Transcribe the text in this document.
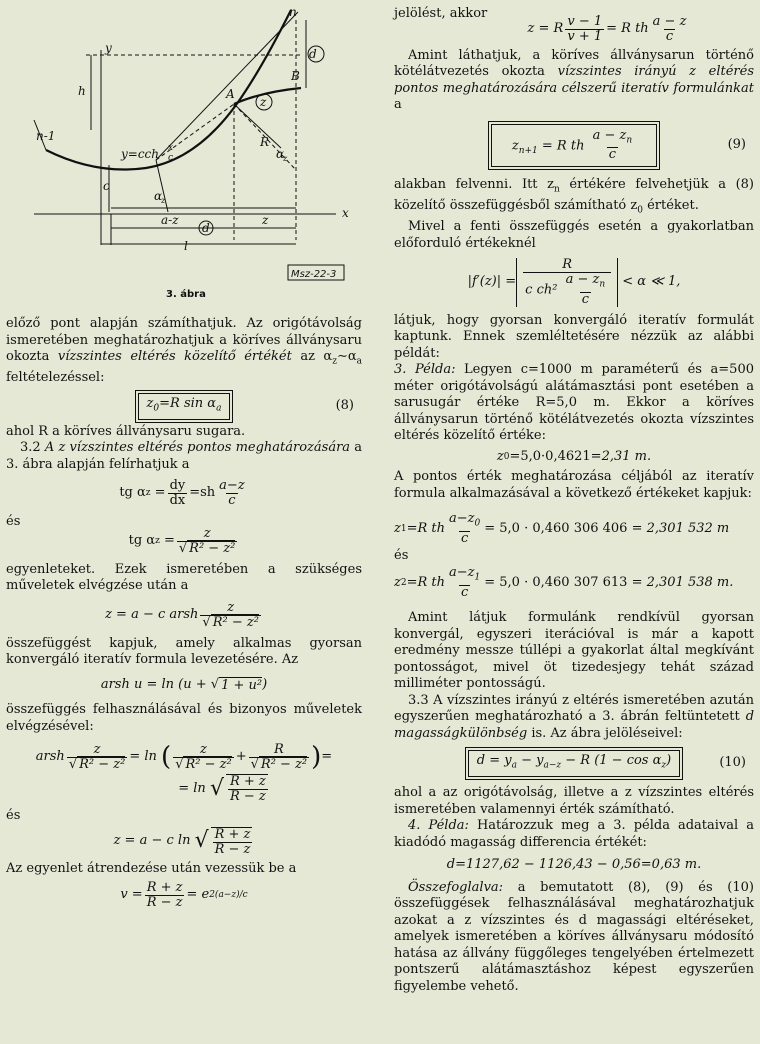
n
y
h
d
B
A
z
n-1
y=cch x
c
c
R
α
z
α
z
x
a-z	z
d
l
Msz-22-3
3. ábra

előző pont alapján számíthatjuk. Az origótávolság ismeretében meghatározhatjuk a köríves állványsaru okozta vízszintes eltérés közelítő értékét az $\alpha_z\sim\alpha_a$ feltételezéssel:

$z_0=R$ $\sin \alpha_a$	(8)

ahol R a köríves állványsaru sugara.

3.2 A z vízszintes eltérés pontos meghatározására a 3. ábra alapján felírhatjuk a

tg α $z = \frac{dy}{dx} =sh \frac{a-z}{c}$

és

tg α $z = \frac{z}{\text{√ R² − z²}}$

egyenleteket. Ezek ismeretében a szükséges műveletek elvégzése után a

z = a − c arsh $\frac{z}{\text{√ R² − z²}}$

összefüggést kapjuk, amely alkalmas gyorsan konvergáló iteratív formula levezetésére. Az

arsh u = ln (u + √ 1 + u² )

összefüggés felhasználásával és bizonyos műveletek elvégzésével:

arsh $\frac{z}{\text{√ R² − z²}} = \ln$
( $\frac{z}{\text{√ R² − z²}} + \frac{R}{\text{√ R² − z²}}$ ) =
= ln
√ $\frac{R + z}{R - z}$

és

z = a − c ln
√ $\frac{R + z}{R - z}$

Az egyenlet átrendezése után vezessük be a

$v = \frac{R + z}{R - z} = e$ 2(a−z)/c

jelölést, akkor

z = R $\frac{v - 1}{v + 1} = R$ th $\frac{a - z}{c}$

Amint láthatjuk, a köríves állványsarun történő kötélátvezetés okozta vízszintes irányú z eltérés pontos meghatározására célszerű iteratív formulánkat a

$z_{n+1} = R$ th $\frac{a - z_n}{c}$	(9)

alakban felvenni. Itt $z_n$ értékére felvehetjük a (8) közelítő összefüggésből számítható $z_0$ értéket.

Mivel a fenti összefüggés esetén a gyakorlatban előforduló értékeknél

$|f'(z)| = \frac{R}{c ch^2 \frac{a - z_n}{c}}$
< α ≪ 1,

látjuk, hogy gyorsan konvergáló iteratív formulát kaptunk. Ennek szemléltetésére nézzük az alábbi példát:

3. Példa: Legyen c=1000 m paraméterű és a=500 méter origótávolságú alátámasztási pont esetében a sarusugár értéke R=5,0 m. Ekkor a köríves állványsarun történő kötélátvezetés okozta vízszintes eltérés közelítő értéke:

z 0 =5,0·0,4621= 2,31 m.

A pontos érték meghatározása céljából az iteratív formula alkalmazásával a következő értékeket kapjuk:

z 1 =R th $\frac{a-z_0}{c} = 5,0 \cdot 0,460$ 306 406 =
2,301 532 m

és

z 2 =R th $\frac{a-z_1}{c} = 5,0 \cdot 0,460$ 307 613 =
2,301 538 m.

Amint látjuk formulánk rendkívül gyorsan konvergál, egyszeri iterációval is már a kapott eredmény messze túllépi a gyakorlat által megkívánt pontosságot, mivel öt tizedesjegy tehát század milliméter pontosságú.

3.3 A vízszintes irányú z eltérés ismeretében azután egyszerűen meghatározható a 3. ábrán feltüntetett d magasságkülönbség is. Az ábra jelöléseivel:

$d = y_a - y_{a-z} - R$ $(1 - \cos \alpha_z)$	(10)

ahol a az origótávolság, illetve a z vízszintes eltérés ismeretében valamennyi érték számítható.

4. Példa: Határozzuk meg a 3. példa adataival a kiadódó magasság differencia értékét:

d=1127,62 − 1126,43 − 0,56= 0,63 m.

Összefoglalva: a bemutatott (8), (9) és (10) összefüggések felhasználásával meghatározhatjuk azokat a z vízszintes és d magassági eltéréseket, amelyek ismeretében a köríves állványsaru módosító hatása az állvány függőleges tengelyében értelmezett pontszerű alátámasztáshoz képest egyszerűen figyelembe vehető.
